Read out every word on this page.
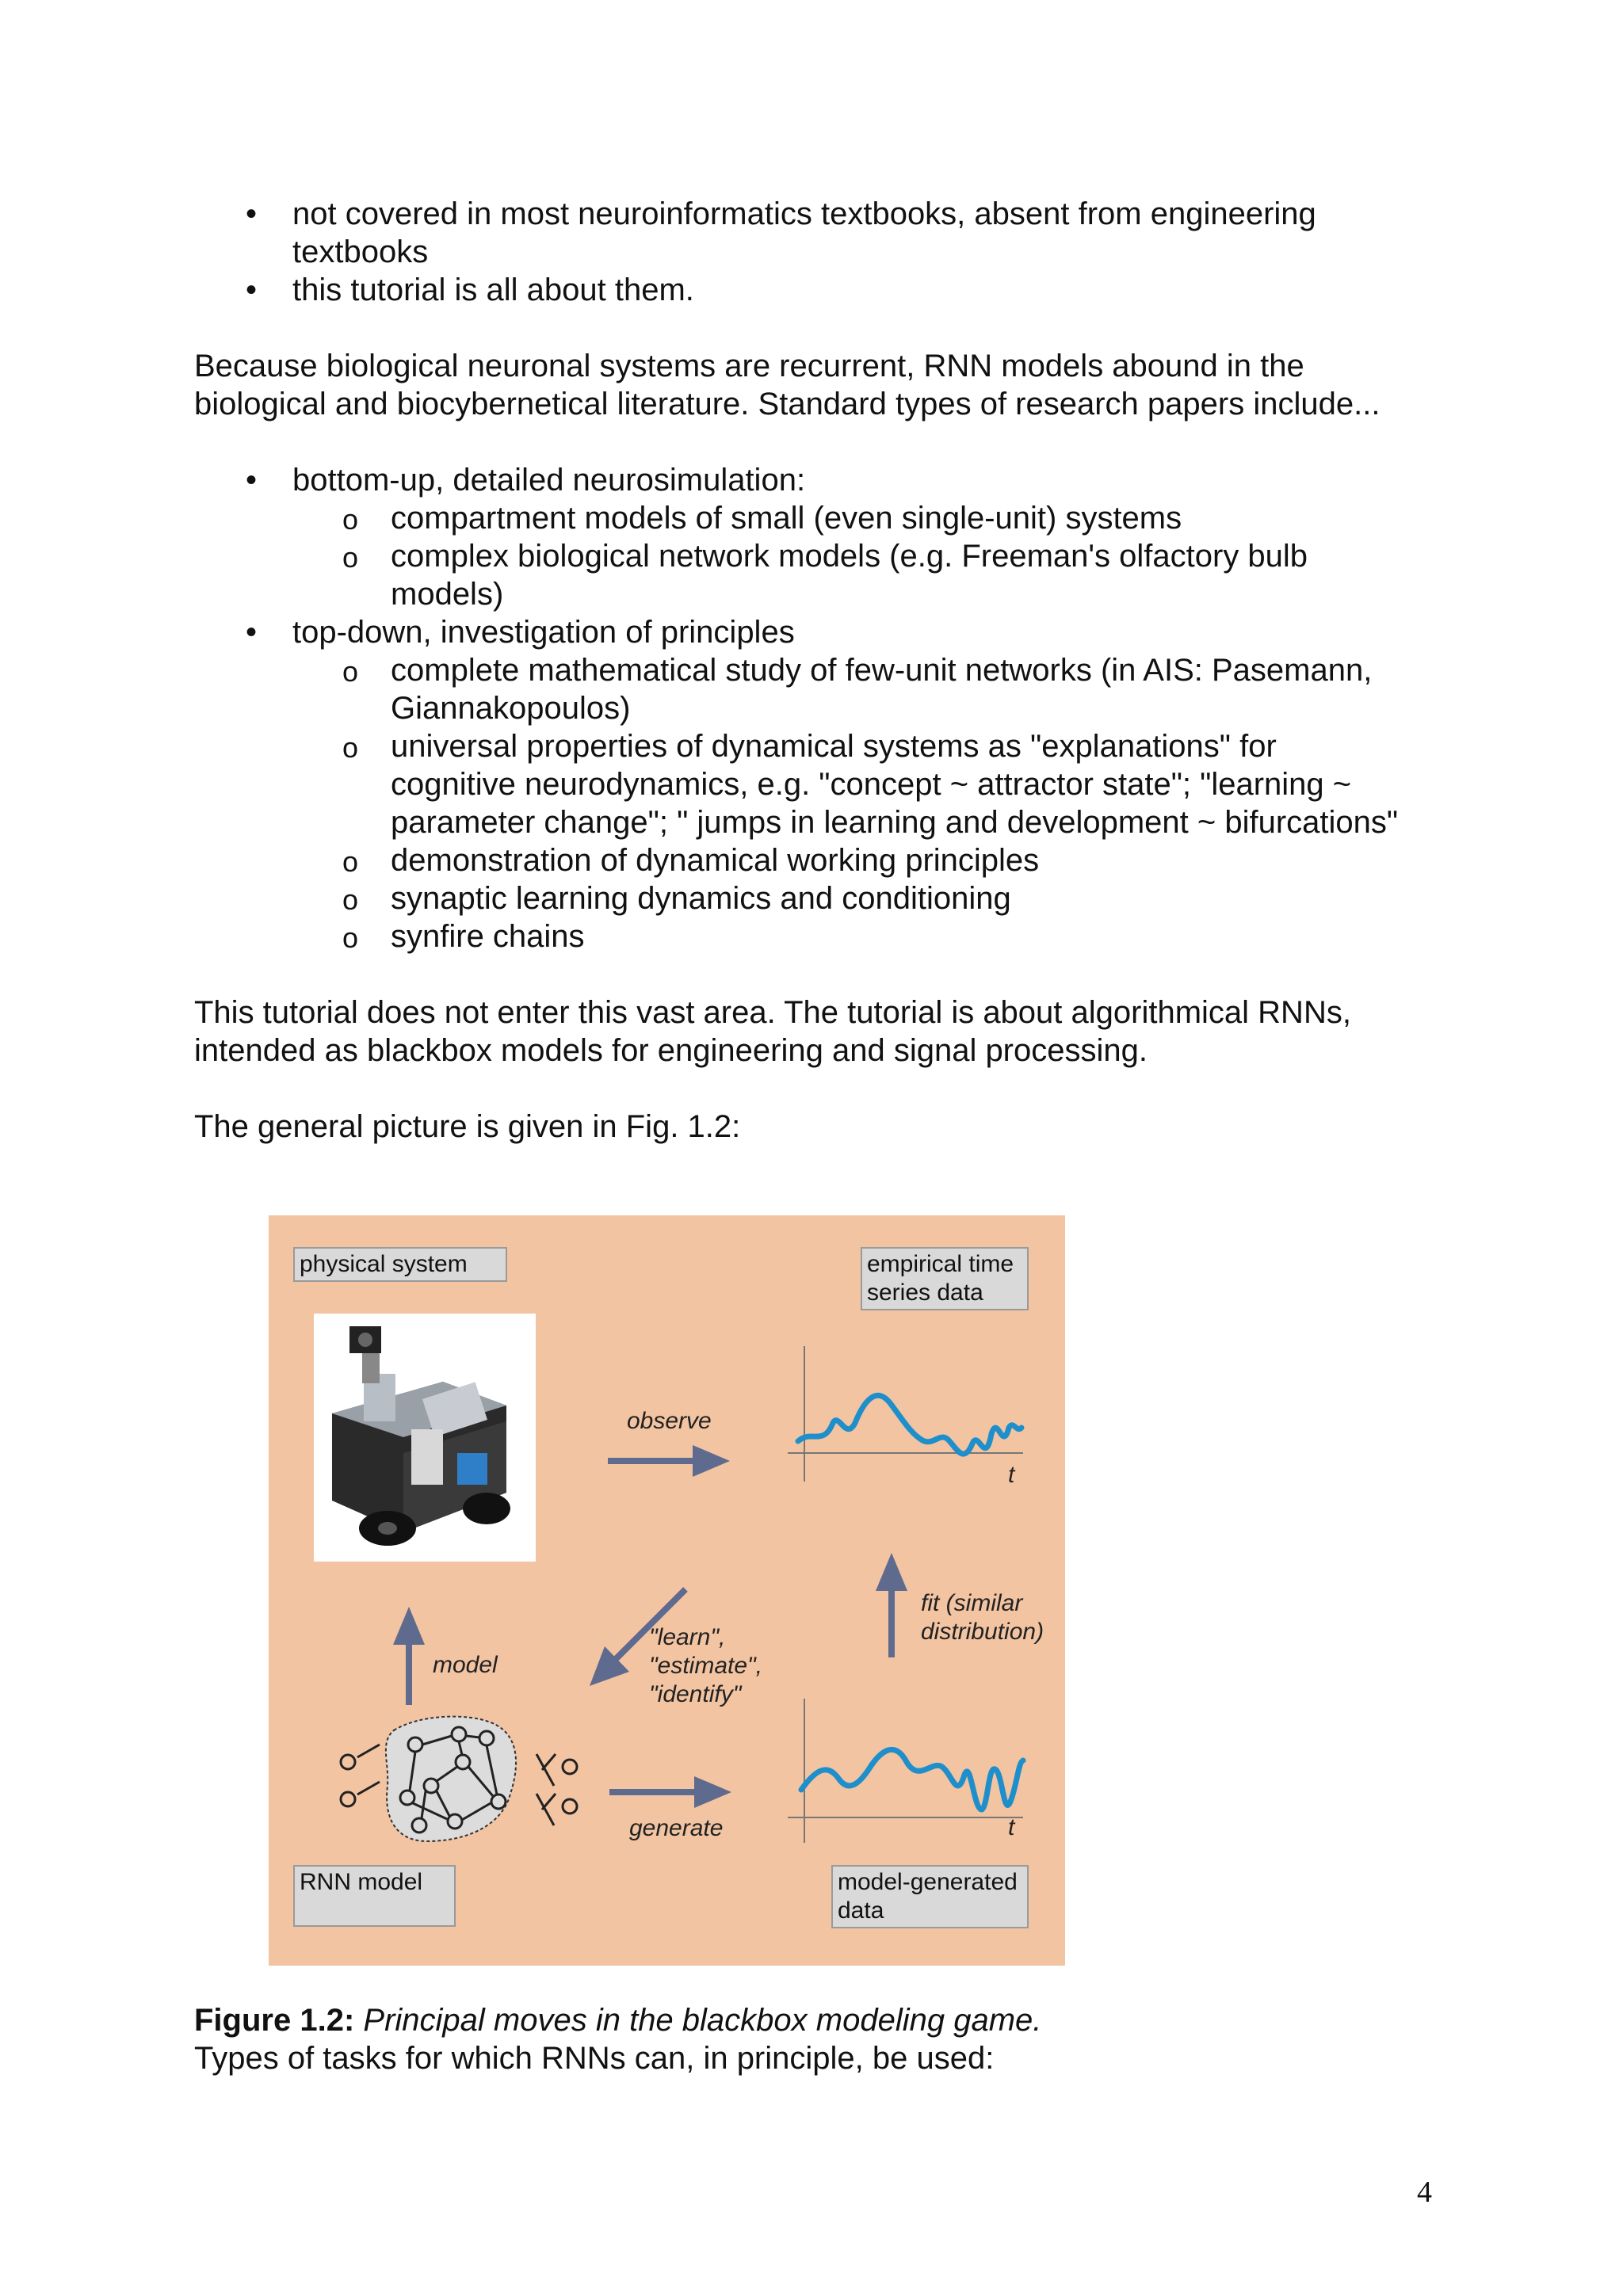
• not covered in most neuroinformatics textbooks, absent from engineering

textbooks

• this tutorial is all about them.

Because biological neuronal systems are recurrent, RNN models abound in the

biological and biocybernetical literature. Standard types of research papers include...

• bottom-up, detailed neurosimulation:

o compartment models of small (even single-unit) systems

o complex biological network models (e.g. Freeman's olfactory bulb

models)

• top-down, investigation of principles

o complete mathematical study of few-unit networks (in AIS: Pasemann,

Giannakopoulos)

o universal properties of dynamical systems as "explanations" for

cognitive neurodynamics, e.g. "concept ~ attractor state"; "learning ~

parameter change"; " jumps in learning and development ~ bifurcations"

o demonstration of dynamical working principles

o synaptic learning dynamics and conditioning

o synfire chains

This tutorial does not enter this vast area. The tutorial is about algorithmical RNNs,

intended as blackbox models for engineering and signal processing.

The general picture is given in Fig. 1.2:

physical system	empirical time series data
RNN model	model-generated data
observe
model
"learn",
"estimate",
"identify"
fit (similar
distribution)
generate
t
t

Figure 1.2: Principal moves in the blackbox modeling game.

Types of tasks for which RNNs can, in principle, be used:

4
